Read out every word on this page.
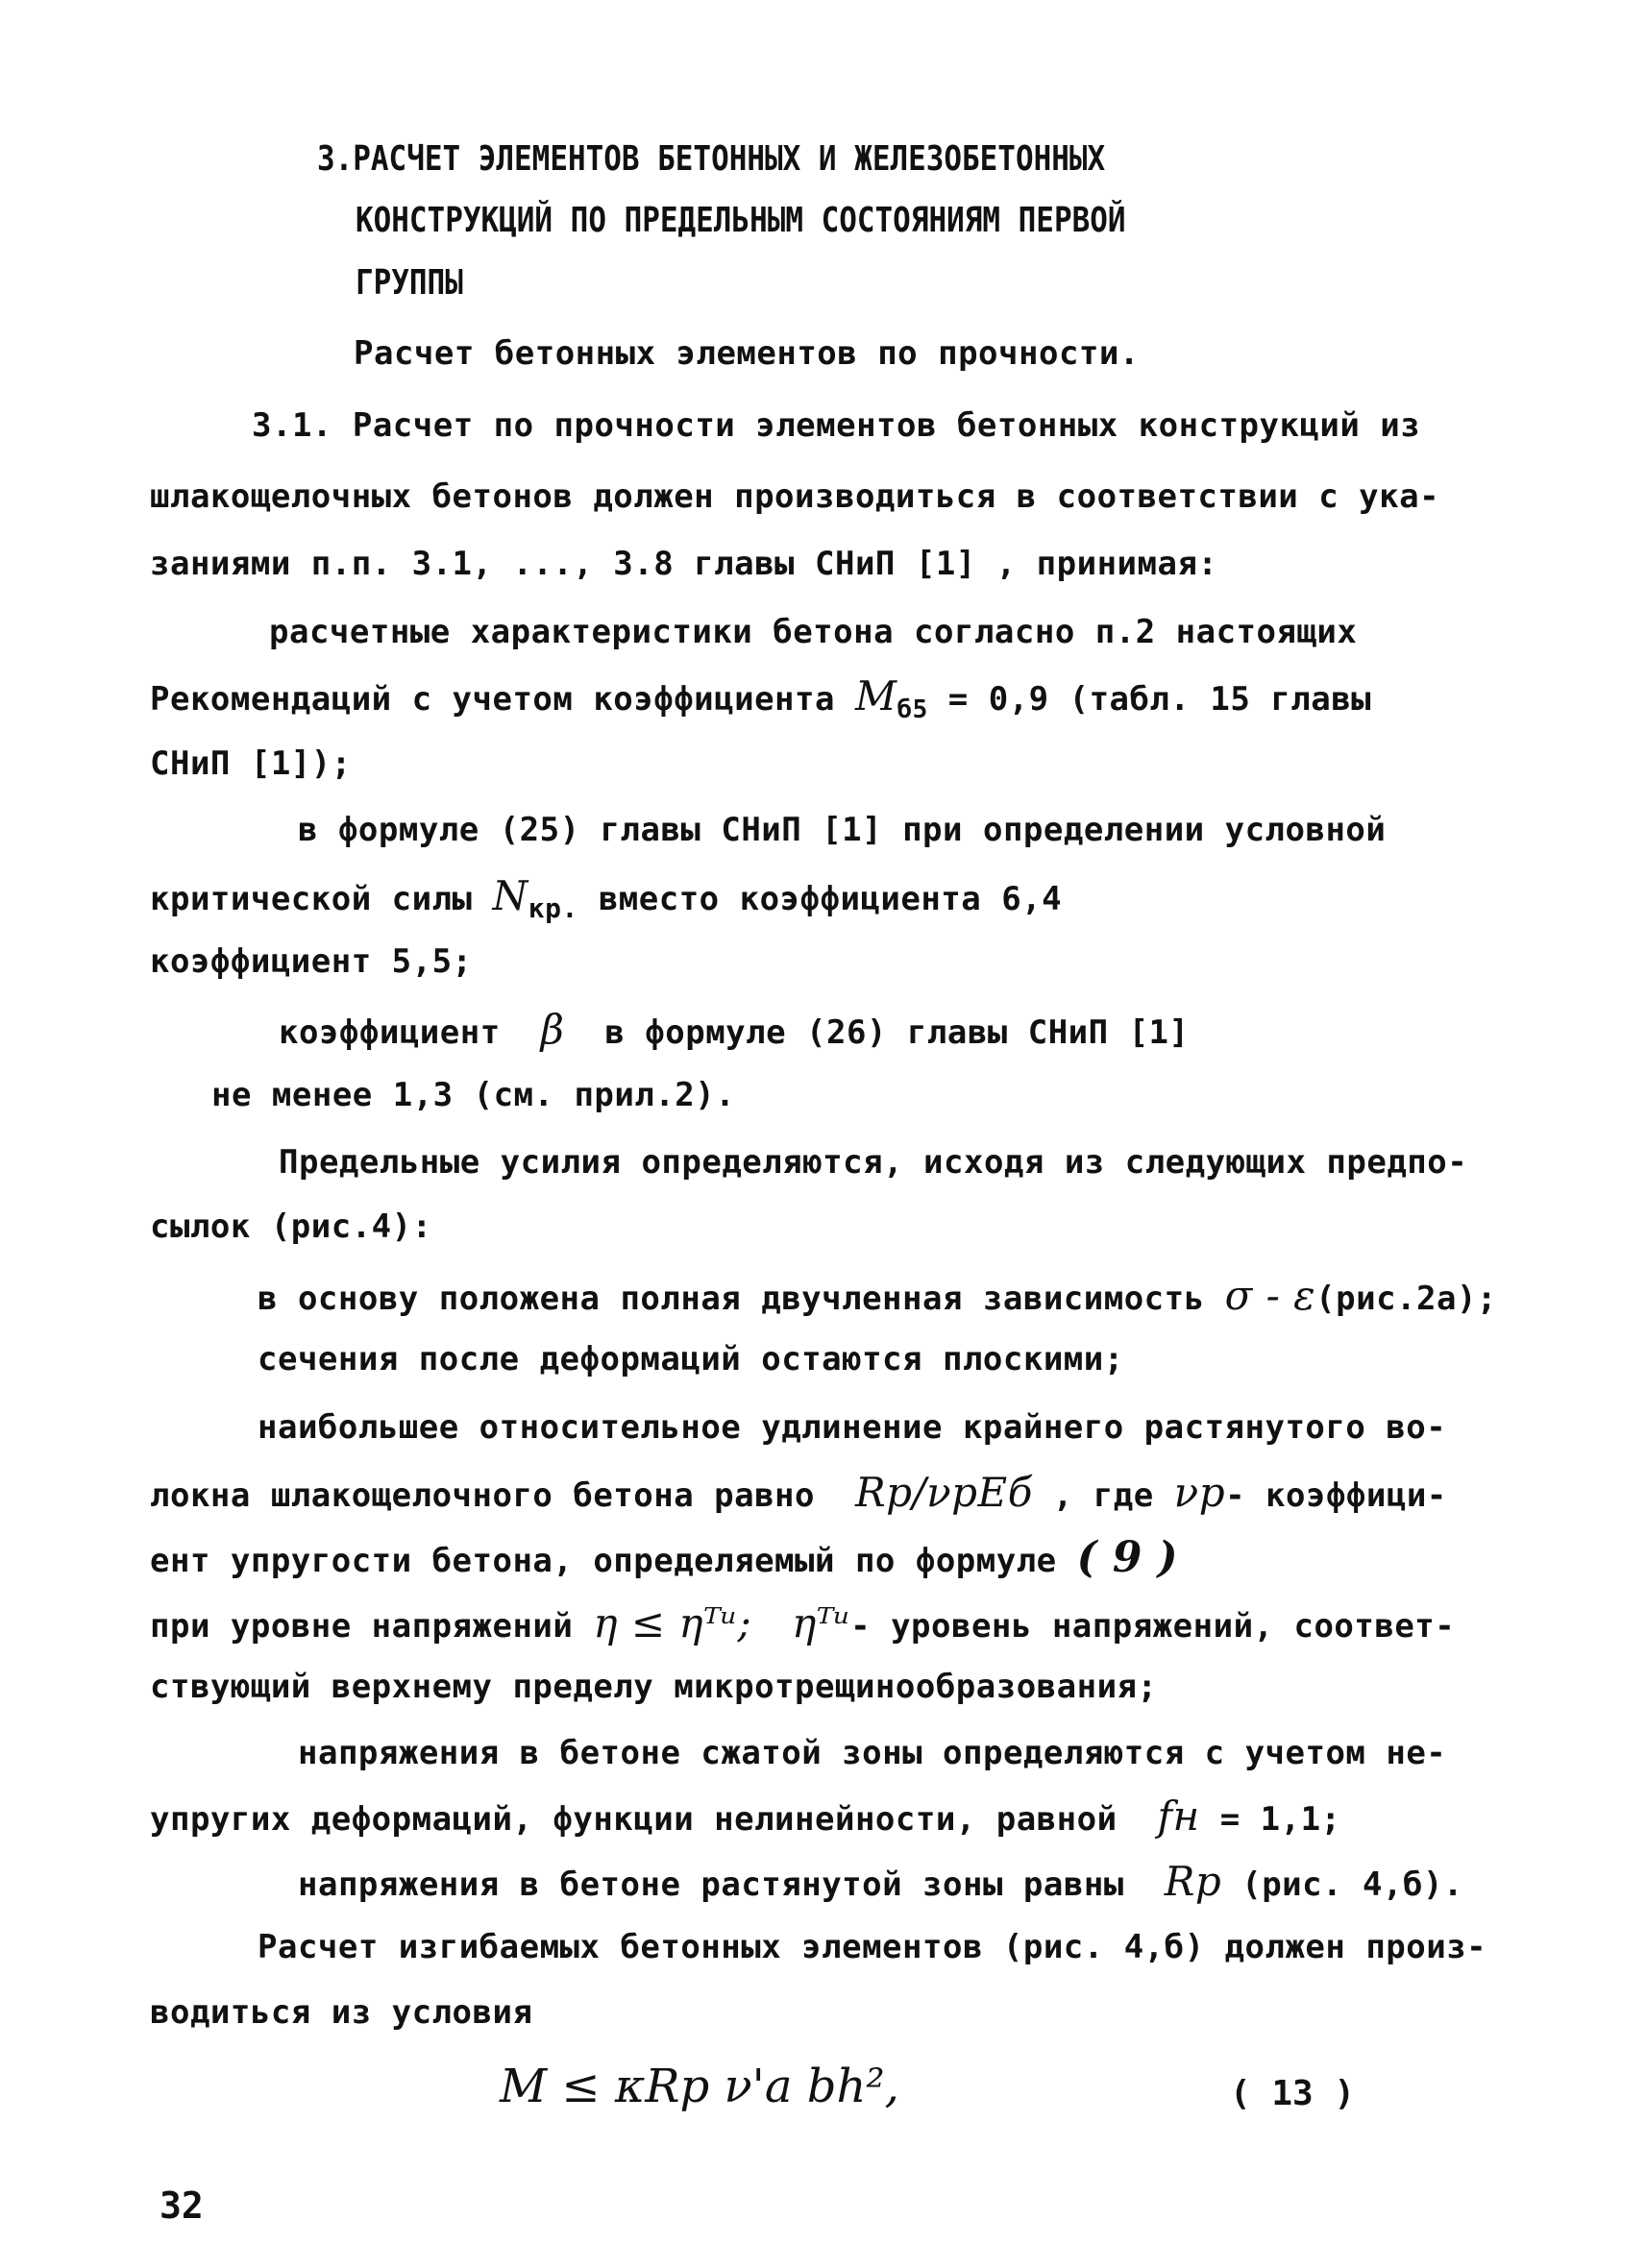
3.РАСЧЕТ ЭЛЕМЕНТОВ БЕТОННЫХ И ЖЕЛЕЗОБЕТОННЫХ
КОНСТРУКЦИЙ ПО ПРЕДЕЛЬНЫМ СОСТОЯНИЯМ ПЕРВОЙ
ГРУППЫ
Расчет бетонных элементов по прочности.
3.1. Расчет по прочности элементов бетонных конструкций из
шлакощелочных бетонов должен производиться в соответствии с ука-
заниями п.п. 3.1, ..., 3.8 главы СНиП [1] , принимая:
расчетные характеристики бетона согласно п.2 настоящих
Рекомендаций с учетом коэффициента $M_{б5} = 0,9$ (табл. 15 главы
СНиП [1]);
в формуле (25) главы СНиП [1] при определении условной
критической силы $N_{кр.}$ вместо коэффициента 6,4
коэффициент 5,5;
коэффициент β в формуле (26) главы СНиП [1]
не менее 1,3 (см. прил.2).
Предельные усилия определяются, исходя из следующих предпо-
сылок (рис.4):
в основу положена полная двучленная зависимость σ - ε(рис.2а);
сечения после деформаций остаются плоскими;
наибольшее относительное удлинение крайнего растянутого во-
локна шлакощелочного бетона равно Rp/νpEб , где νp- коэффици-
ент упругости бетона, определяемый по формуле ( 9 )
при уровне напряжений η ≤ ηᵀᵘ; ηᵀᵘ- уровень напряжений, соответ-
ствующий верхнему пределу микротрещинообразования;
напряжения в бетоне сжатой зоны определяются с учетом не-
упругих деформаций, функции нелинейности, равной fн = 1,1;
напряжения в бетоне растянутой зоны равны Rp (рис. 4,б).
Расчет изгибаемых бетонных элементов (рис. 4,б) должен произ-
водиться из условия
M ≤ κRp ν'a bh²,	( 13 )
32
